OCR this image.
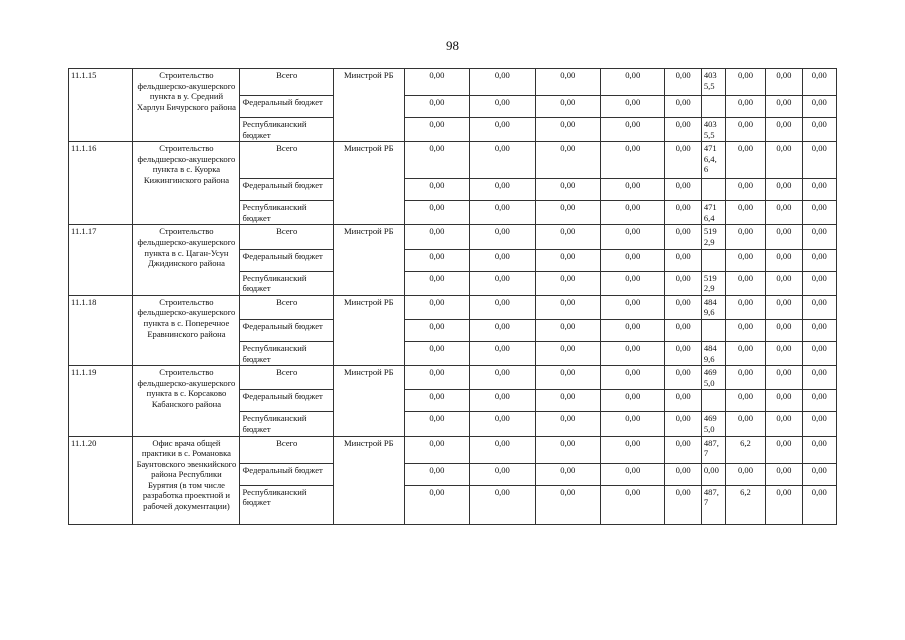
98
11.1.15	Строительство фельдшерско-акушерского пункта в у. Средний Харлун Бичурского района	Всего	Минстрой РБ	0,00	0,00	0,00	0,00	0,00	403 5,5	0,00	0,00	0,00
		Федеральный бюджет		0,00	0,00	0,00	0,00	0,00		0,00	0,00	0,00
		Республиканский бюджет		0,00	0,00	0,00	0,00	0,00	403 5,5	0,00	0,00	0,00
11.1.16	Строительство фельдшерско-акушерского пункта в с. Куорка Кижингинского района	Всего	Минстрой РБ	0,00	0,00	0,00	0,00	0,00	471 6,4, 6	0,00	0,00	0,00
		Федеральный бюджет		0,00	0,00	0,00	0,00	0,00		0,00	0,00	0,00
		Республиканский бюджет		0,00	0,00	0,00	0,00	0,00	471 6,4	0,00	0,00	0,00
11.1.17	Строительство фельдшерско-акушерского пункта в с. Цаган-Усун Джидинского района	Всего	Минстрой РБ	0,00	0,00	0,00	0,00	0,00	519 2,9	0,00	0,00	0,00
		Федеральный бюджет		0,00	0,00	0,00	0,00	0,00		0,00	0,00	0,00
		Республиканский бюджет		0,00	0,00	0,00	0,00	0,00	519 2,9	0,00	0,00	0,00
11.1.18	Строительство фельдшерско-акушерского пункта в с. Поперечное Еравнинского района	Всего	Минстрой РБ	0,00	0,00	0,00	0,00	0,00	484 9,6	0,00	0,00	0,00
		Федеральный бюджет		0,00	0,00	0,00	0,00	0,00		0,00	0,00	0,00
		Республиканский бюджет		0,00	0,00	0,00	0,00	0,00	484 9,6	0,00	0,00	0,00
11.1.19	Строительство фельдшерско-акушерского пункта в с. Корсаково Кабанского района	Всего	Минстрой РБ	0,00	0,00	0,00	0,00	0,00	469 5,0	0,00	0,00	0,00
		Федеральный бюджет		0,00	0,00	0,00	0,00	0,00		0,00	0,00	0,00
		Республиканский бюджет		0,00	0,00	0,00	0,00	0,00	469 5,0	0,00	0,00	0,00
11.1.20	Офис врача общей практики в с. Романовка Баунтовского эвенкийского района Республики Бурятия (в том числе разработка проектной и рабочей документации)	Всего	Минстрой РБ	0,00	0,00	0,00	0,00	0,00	487, 7	6,2	0,00	0,00
		Федеральный бюджет		0,00	0,00	0,00	0,00	0,00	0,00	0,00	0,00	0,00
		Республиканский бюджет		0,00	0,00	0,00	0,00	0,00	487, 7	6,2	0,00	0,00
